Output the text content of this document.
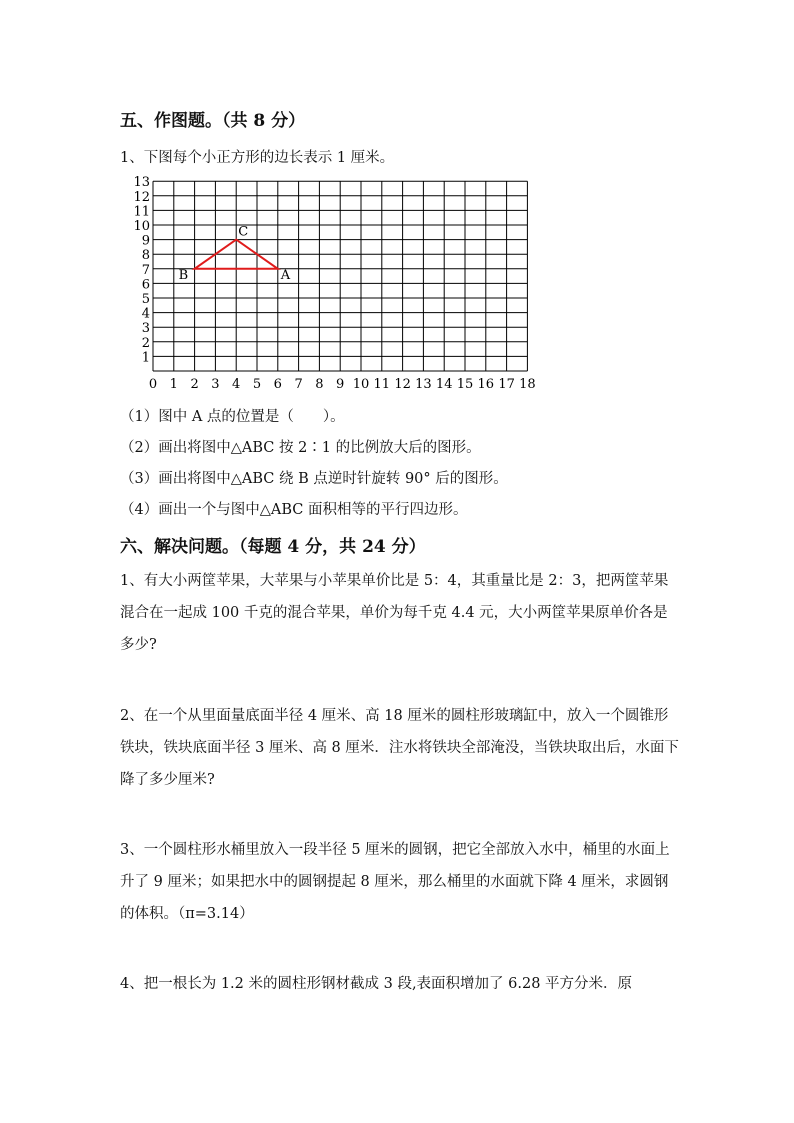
五、作图题。（共 8 分）
1、下图每个小正方形的边长表示 1 厘米。
13
12
11
10
9
8
7
6
5
4
3
2
1
0 1 2 3 4 5 6 7 8 9 10 11 12 13 14 15 16 17 18
A
B
C
（1）图中 A 点的位置是（　　）。
（2）画出将图中△ABC 按 2∶1 的比例放大后的图形。
（3）画出将图中△ABC 绕 B 点逆时针旋转 90° 后的图形。
（4）画出一个与图中△ABC 面积相等的平行四边形。
六、解决问题。（每题 4 分，共 24 分）
1、有大小两筐苹果，大苹果与小苹果单价比是 5：4，其重量比是 2：3，把两筐苹果混合在一起成 100 千克的混合苹果，单价为每千克 4.4 元，大小两筐苹果原单价各是多少?
2、在一个从里面量底面半径 4 厘米、高 18 厘米的圆柱形玻璃缸中，放入一个圆锥形铁块，铁块底面半径 3 厘米、高 8 厘米．注水将铁块全部淹没，当铁块取出后，水面下降了多少厘米?
3、一个圆柱形水桶里放入一段半径 5 厘米的圆钢，把它全部放入水中，桶里的水面上升了 9 厘米；如果把水中的圆钢提起 8 厘米，那么桶里的水面就下降 4 厘米，求圆钢的体积。（π=3.14）
4、把一根长为 1.2 米的圆柱形钢材截成 3 段,表面积增加了 6.28 平方分米．原
